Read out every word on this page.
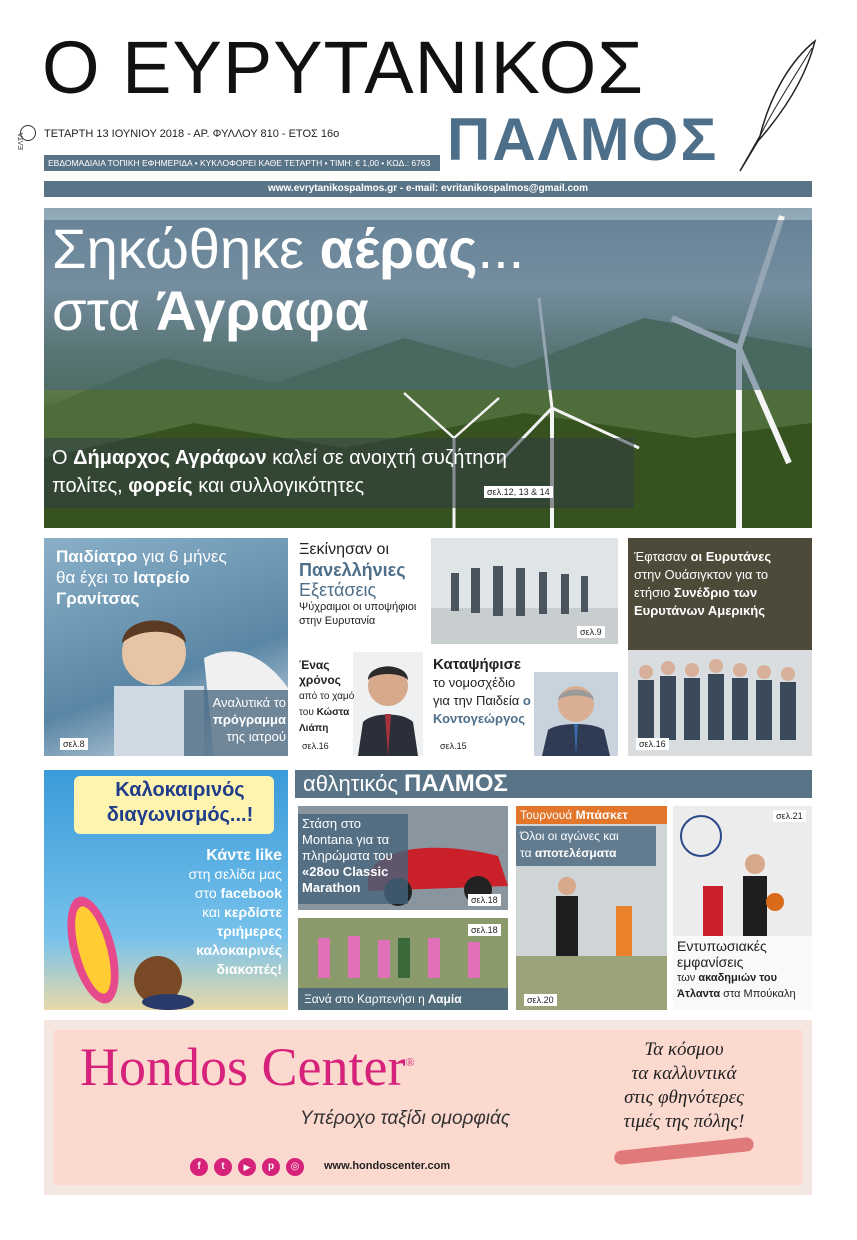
ΕΛΤΑ
Ο ΕΥΡΥΤΑΝΙΚΟΣ
ΠΑΛΜΟΣ
ΤΕΤΑΡΤΗ 13 ΙΟΥΝΙΟΥ 2018 - ΑΡ. ΦΥΛΛΟΥ 810 - ΕΤΟΣ 16ο
ΕΒΔΟΜΑΔΙΑΙΑ ΤΟΠΙΚΗ ΕΦΗΜΕΡΙΔΑ • ΚΥΚΛΟΦΟΡΕΙ ΚΑΘΕ ΤΕΤΑΡΤΗ • ΤΙΜΗ: € 1,00 • ΚΩΔ.: 6763
www.evrytanikospalmos.gr - e-mail: evritanikospalmos@gmail.com
Σηκώθηκε αέρας...
στα Άγραφα
Ο Δήμαρχος Αγράφων καλεί σε ανοιχτή συζήτηση
πολίτες, φορείς και συλλογικότητες	σελ.12, 13 & 14
Παιδίατρο για 6 μήνες
θα έχει το Ιατρείο
Γρανίτσας
Αναλυτικά το
πρόγραμμα
της ιατρού
σελ.8
Ξεκίνησαν οι
Πανελλήνιες
Εξετάσεις
Ψύχραιμοι οι υποψήφιοι
στην Ευρυτανία
σελ.9
Ένας
χρόνος
από το χαμό
του Κώστα
Λιάπη
σελ.16
Καταψήφισε
το νομοσχέδιο
για την Παιδεία ο
Κοντογεώργος
σελ.15
Έφτασαν οι Ευρυτάνες
στην Ουάσιγκτον για το
ετήσιο Συνέδριο των
Ευρυτάνων Αμερικής
σελ.16
Καλοκαιρινός
διαγωνισμός...!
Κάντε like
στη σελίδα μας
στο facebook
και κερδίστε
τριήμερες
καλοκαιρινές
διακοπές!
αθλητικός ΠΑΛΜΟΣ
Στάση στο
Montana για τα
πληρώματα του
«28ου Classic
Marathon
σελ.18
σελ.18
Ξανά στο Καρπενήσι η Λαμία
Τουρνουά Μπάσκετ
Όλοι οι αγώνες και
τα αποτελέσματα
σελ.20
σελ.21
Εντυπωσιακές
εμφανίσεις
των ακαδημιών του
Άτλαντα στα Μπούκαλη
Hondos Center®
Υπέροχο ταξίδι ομορφιάς
Τα κόσμου
τα καλλυντικά
στις φθηνότερες
τιμές της πόλης!
f	t	▶	p	◎	www.hondoscenter.com
